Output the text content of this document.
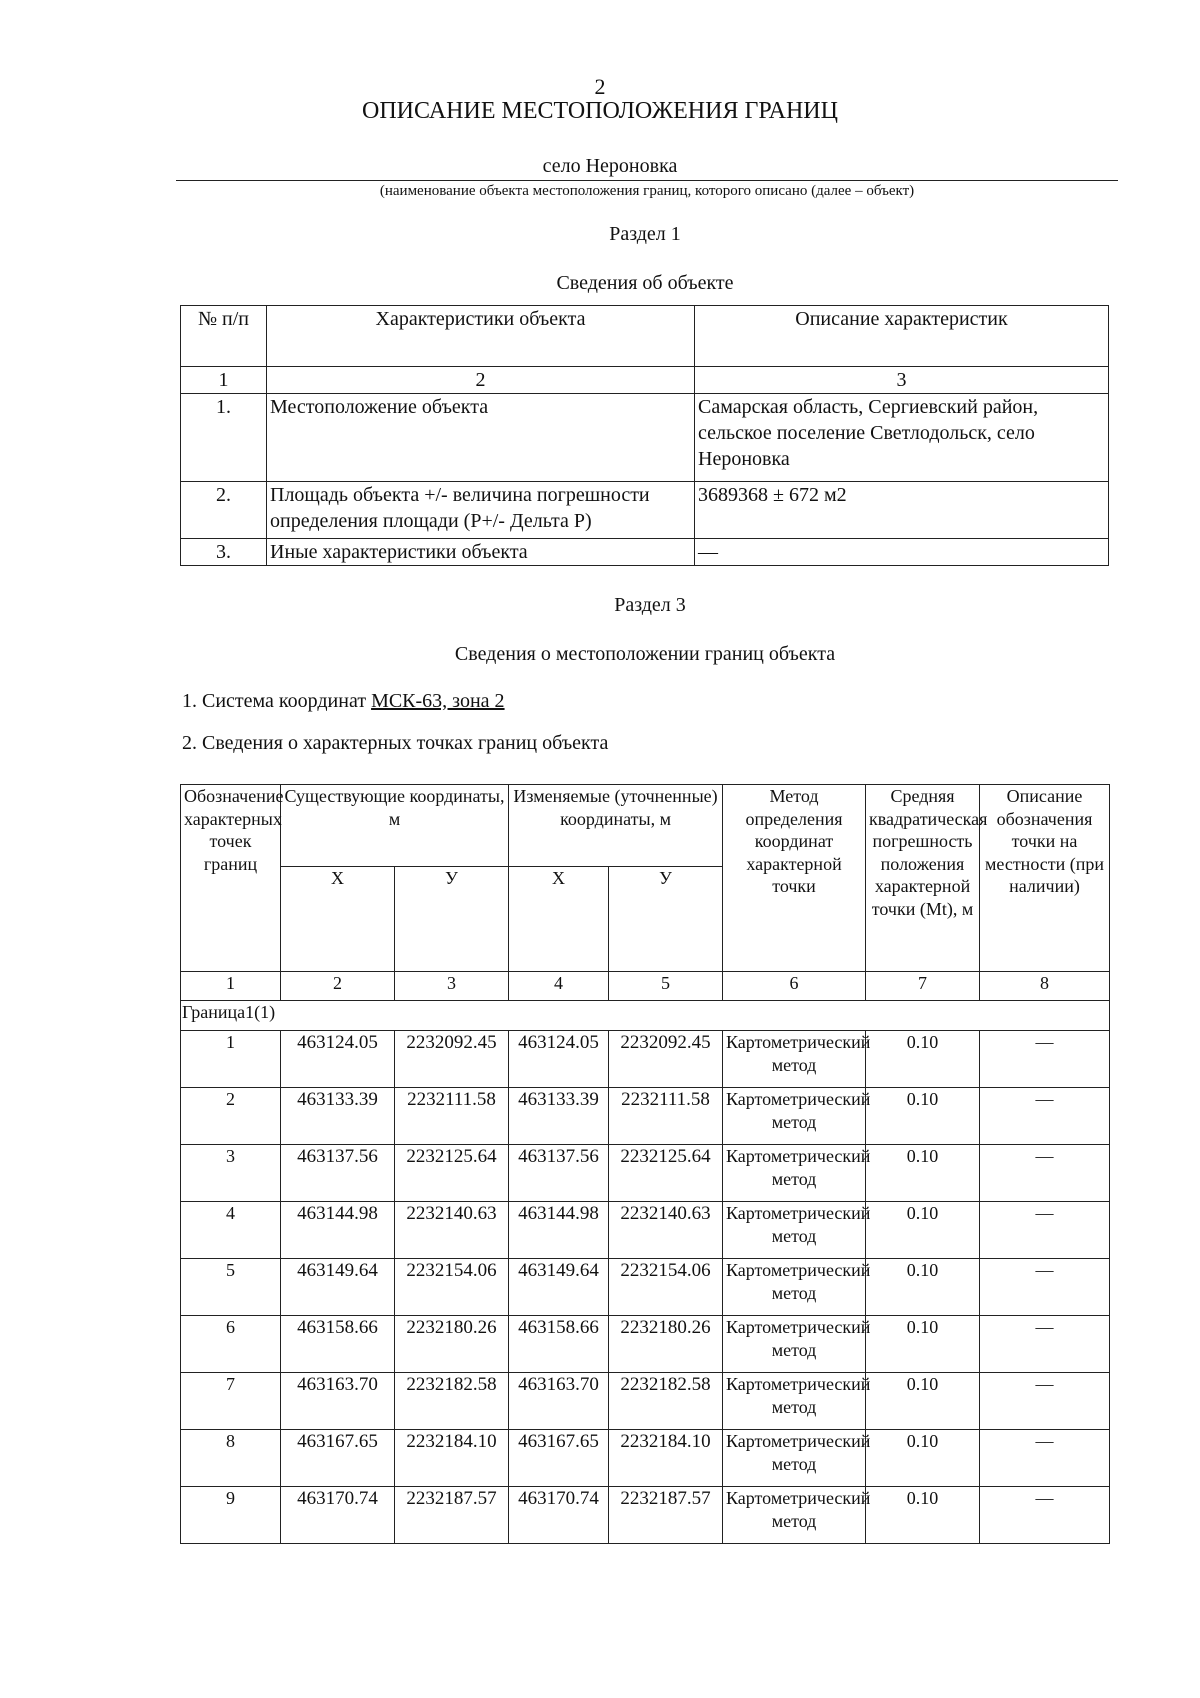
2
ОПИСАНИЕ МЕСТОПОЛОЖЕНИЯ ГРАНИЦ
село Нероновка
(наименование объекта местоположения границ, которого описано (далее – объект)
Раздел 1
Сведения об объекте
№ п/п	Характеристики объекта	Описание характеристик
1	2	3
1.	Местоположение объекта	Самарская область, Сергиевский район, сельское поселение Светлодольск, село Нероновка
2.	Площадь объекта +/- величина погрешности определения площади (Р+/- Дельта Р)	3689368 ± 672 м2
3.	Иные характеристики объекта	—
Раздел 3
Сведения о местоположении границ объекта
1. Система координат МСК-63, зона 2
2. Сведения о характерных точках границ объекта
Обозначение характерных точек границ	Существующие координаты, м		Изменяемые (уточненные) координаты, м		Метод определения координат характерной точки	Средняя квадратическая погрешность положения характерной точки (Mt), м	Описание обозначения точки на местности (при наличии)
	Х	У	Х	У			
1	2	3	4	5	6	7	8
Граница1(1)							
1	463124.05	2232092.45	463124.05	2232092.45	Картометрический метод	0.10	—
2	463133.39	2232111.58	463133.39	2232111.58	Картометрический метод	0.10	—
3	463137.56	2232125.64	463137.56	2232125.64	Картометрический метод	0.10	—
4	463144.98	2232140.63	463144.98	2232140.63	Картометрический метод	0.10	—
5	463149.64	2232154.06	463149.64	2232154.06	Картометрический метод	0.10	—
6	463158.66	2232180.26	463158.66	2232180.26	Картометрический метод	0.10	—
7	463163.70	2232182.58	463163.70	2232182.58	Картометрический метод	0.10	—
8	463167.65	2232184.10	463167.65	2232184.10	Картометрический метод	0.10	—
9	463170.74	2232187.57	463170.74	2232187.57	Картометрический метод	0.10	—
